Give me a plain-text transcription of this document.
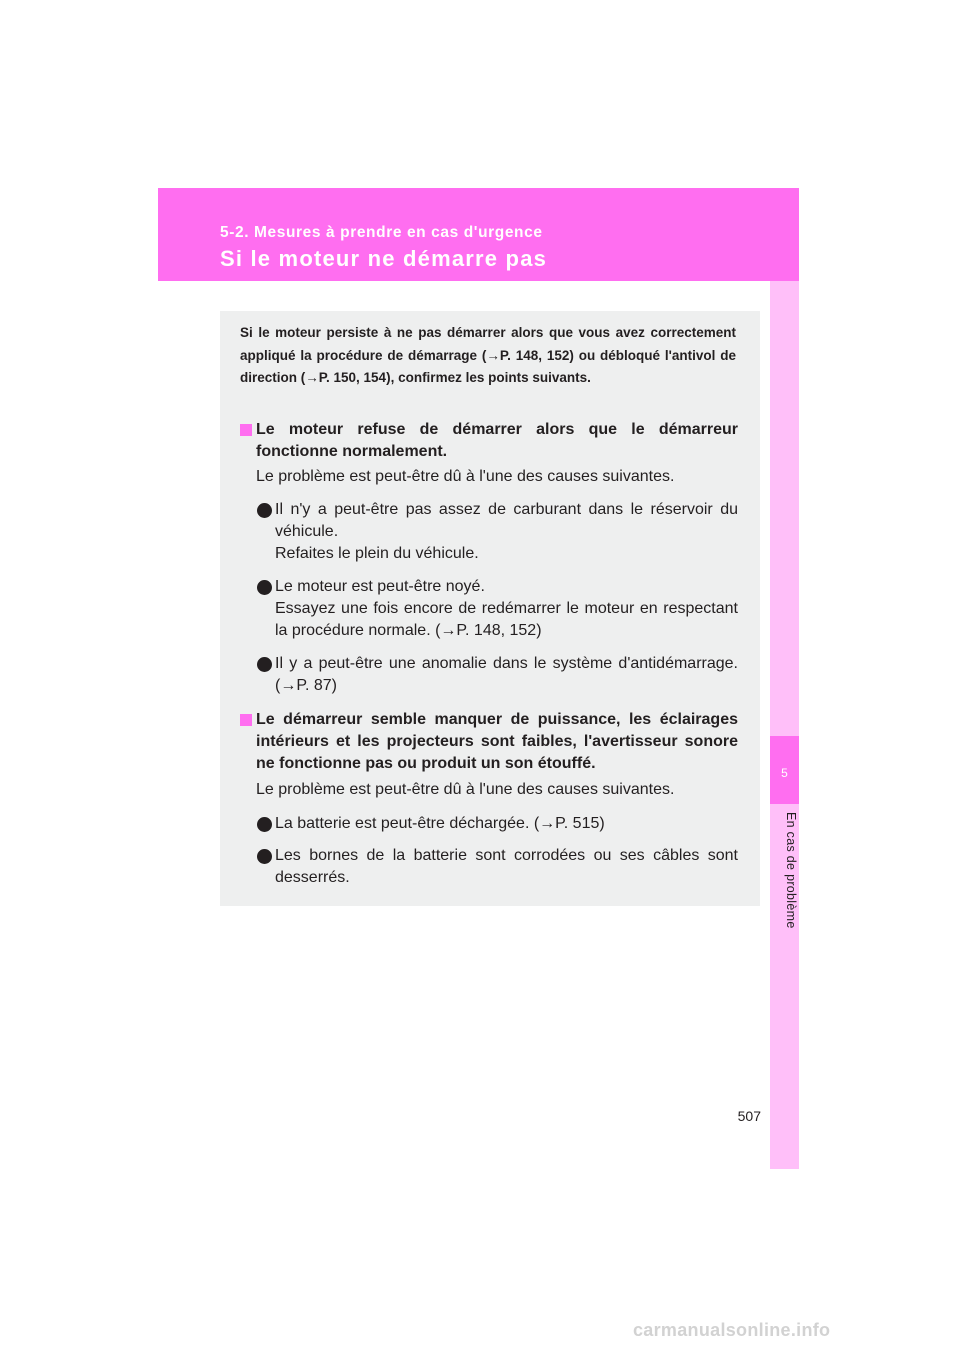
5-2. Mesures à prendre en cas d'urgence
Si le moteur ne démarre pas
5
En cas de problème
Si le moteur persiste à ne pas démarrer alors que vous avez correctement appliqué la procédure de démarrage (→P. 148, 152) ou débloqué l'antivol de direction (→P. 150, 154), confirmez les points suivants.
Le moteur refuse de démarrer alors que le démarreur fonctionne normalement.
Le problème est peut-être dû à l'une des causes suivantes.
Il n'y a peut-être pas assez de carburant dans le réservoir du véhicule.
Refaites le plein du véhicule.
Le moteur est peut-être noyé.
Essayez une fois encore de redémarrer le moteur en respectant la procédure normale. (→P. 148, 152)
Il y a peut-être une anomalie dans le système d'antidémarrage. (→P. 87)
Le démarreur semble manquer de puissance, les éclairages intérieurs et les projecteurs sont faibles, l'avertisseur sonore ne fonctionne pas ou produit un son étouffé.
Le problème est peut-être dû à l'une des causes suivantes.
La batterie est peut-être déchargée. (→P. 515)
Les bornes de la batterie sont corrodées ou ses câbles sont desserrés.
507
carmanualsonline.info
